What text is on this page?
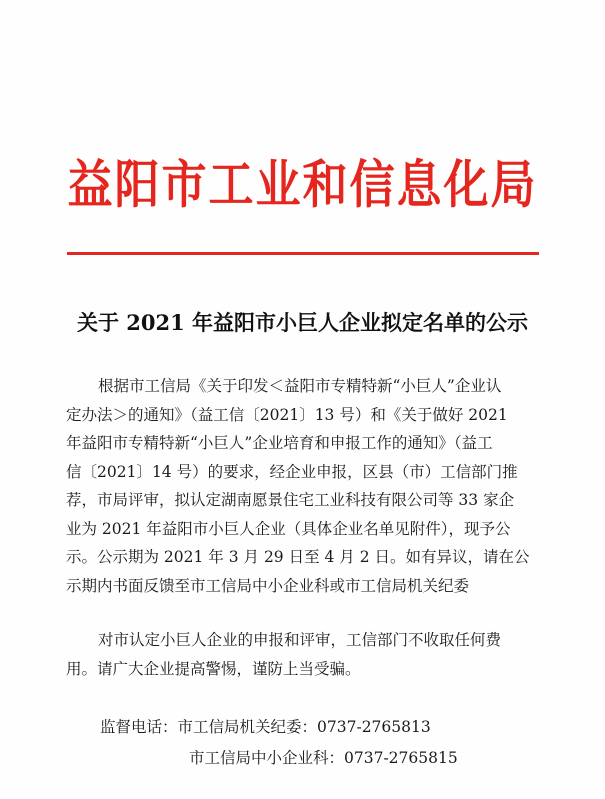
益阳市工业和信息化局
关于 2021 年益阳市小巨人企业拟定名单的公示
根据市工信局《关于印发＜益阳市专精特新“小巨人”企业认
定办法＞的通知》（益工信〔2021〕13 号）和《关于做好 2021
年益阳市专精特新“小巨人”企业培育和申报工作的通知》（益工
信〔2021〕14 号）的要求，经企业申报，区县（市）工信部门推
荐，市局评审，拟认定湖南愿景住宅工业科技有限公司等 33 家企
业为 2021 年益阳市小巨人企业（具体企业名单见附件），现予公
示。公示期为 2021 年 3 月 29 日至 4 月 2 日。如有异议，请在公
示期内书面反馈至市工信局中小企业科或市工信局机关纪委
对市认定小巨人企业的申报和评审，工信部门不收取任何费
用。请广大企业提高警惕，谨防上当受骗。
监督电话：市工信局机关纪委：0737-2765813
市工信局中小企业科：0737-2765815
